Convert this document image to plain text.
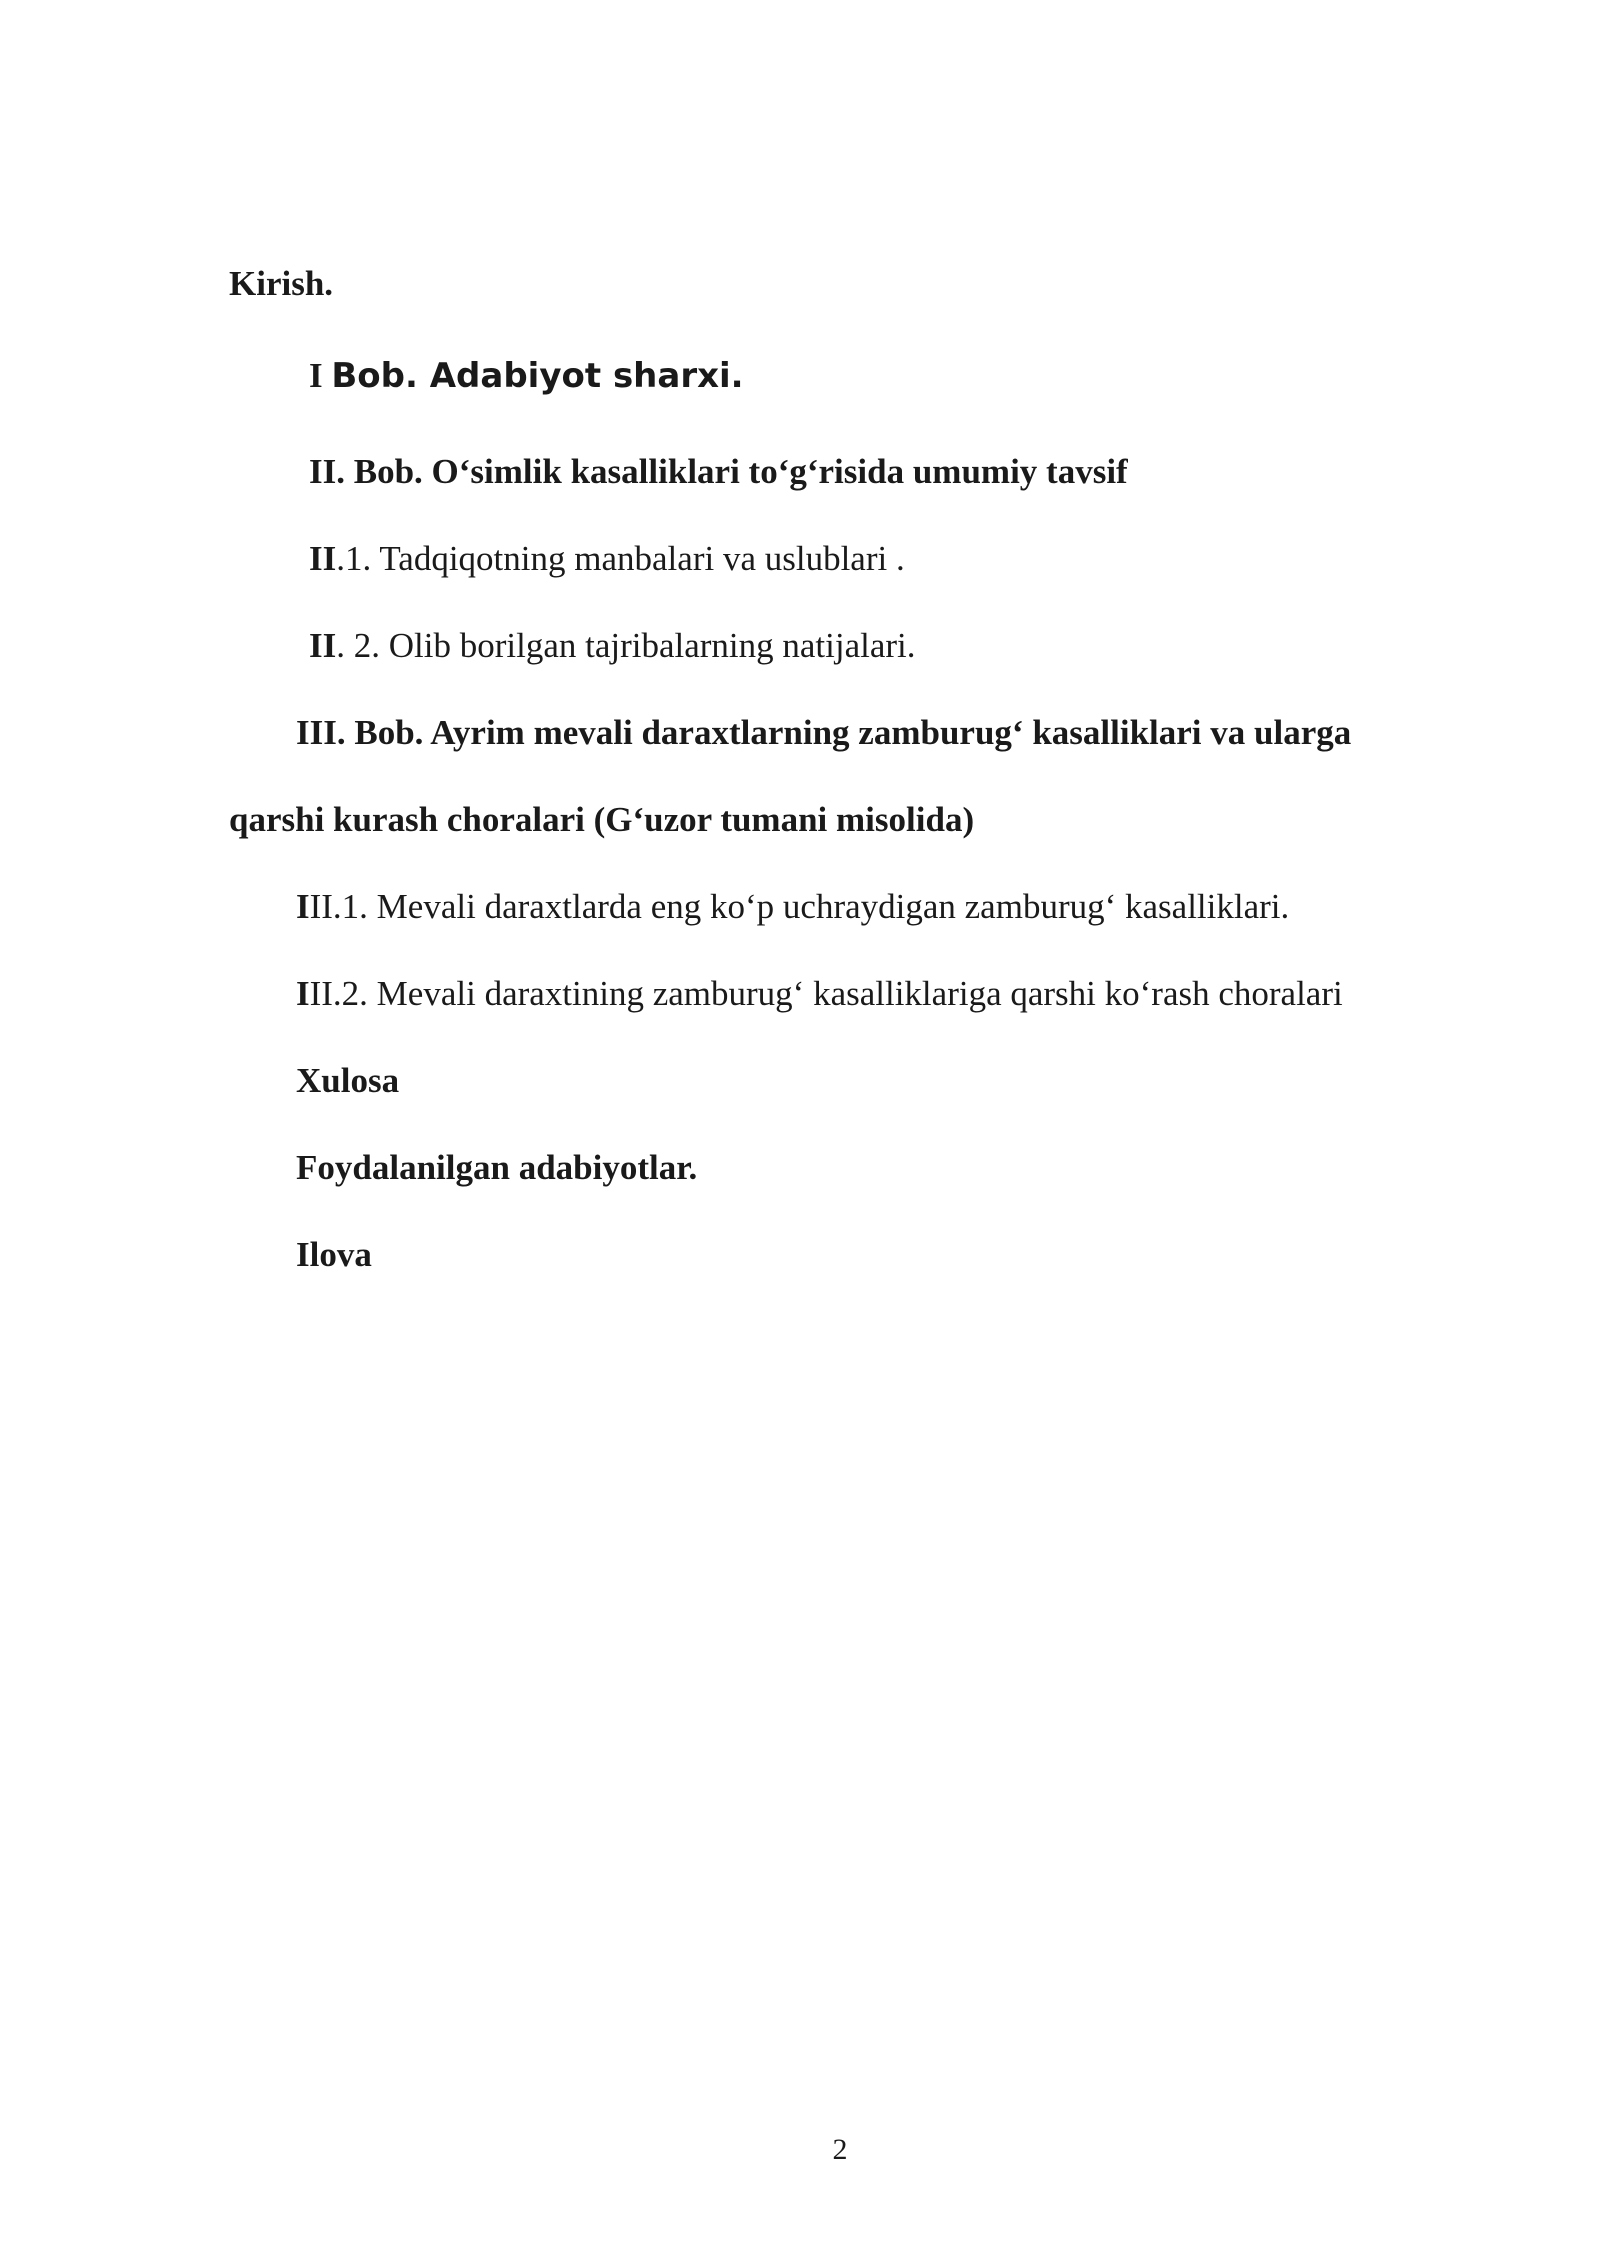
Kirish.
I Bob. Adabiyot sharxi.
II. Bob. O‘simlik kasalliklari to‘g‘risida umumiy tavsif
II.1. Tadqiqotning manbalari va uslublari .
II. 2. Olib borilgan tajribalarning natijalari.
III. Bob. Ayrim mevali daraxtlarning zamburug‘ kasalliklari va ularga
qarshi kurash choralari (G‘uzor tumani misolida)
III.1. Mevali daraxtlarda eng ko‘p uchraydigan zamburug‘ kasalliklari.
III.2. Mevali daraxtining zamburug‘ kasalliklariga qarshi ko‘rash choralari
Xulosa
Foydalanilgan adabiyotlar.
Ilova
2
